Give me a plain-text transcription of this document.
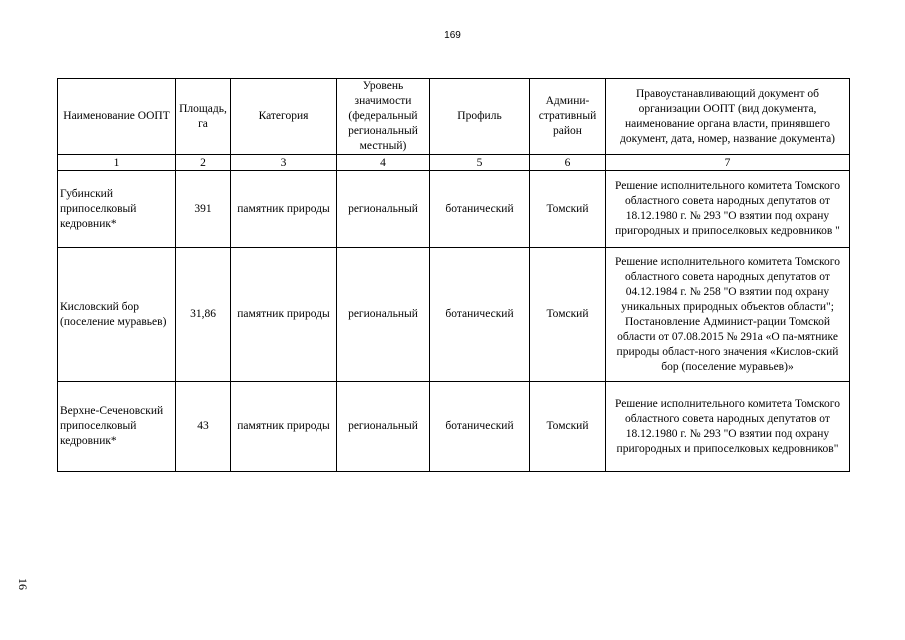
169
16
Наименование ООПТ	Площадь, га	Категория	Уровень значимости (федеральный региональный местный)	Профиль	Админи-стративный район	Правоустанавливающий документ об организации ООПТ (вид документа, наименование органа власти, принявшего документ, дата, номер, название документа)
1	2	3	4	5	6	7
Губинский припоселковый кедровник*	391	памятник природы	региональный	ботанический	Томский	Решение исполнительного комитета Томского областного совета народных депутатов от 18.12.1980 г. № 293 "О взятии под охрану пригородных и припоселковых кедровников "
Кисловский бор (поселение муравьев)	31,86	памятник природы	региональный	ботанический	Томский	Решение исполнительного комитета Томского областного совета народных депутатов от 04.12.1984 г. № 258 "О взятии под охрану уникальных природных объектов области"; Постановление Админист-рации Томской области от 07.08.2015 № 291а «О па-мятнике природы област-ного значения «Кислов-ский бор (поселение муравьев)»
Верхне-Сеченовский припоселковый кедровник*	43	памятник природы	региональный	ботанический	Томский	Решение исполнительного комитета Томского областного совета народных депутатов от 18.12.1980 г. № 293 "О взятии под охрану пригородных и припоселковых кедровников"
